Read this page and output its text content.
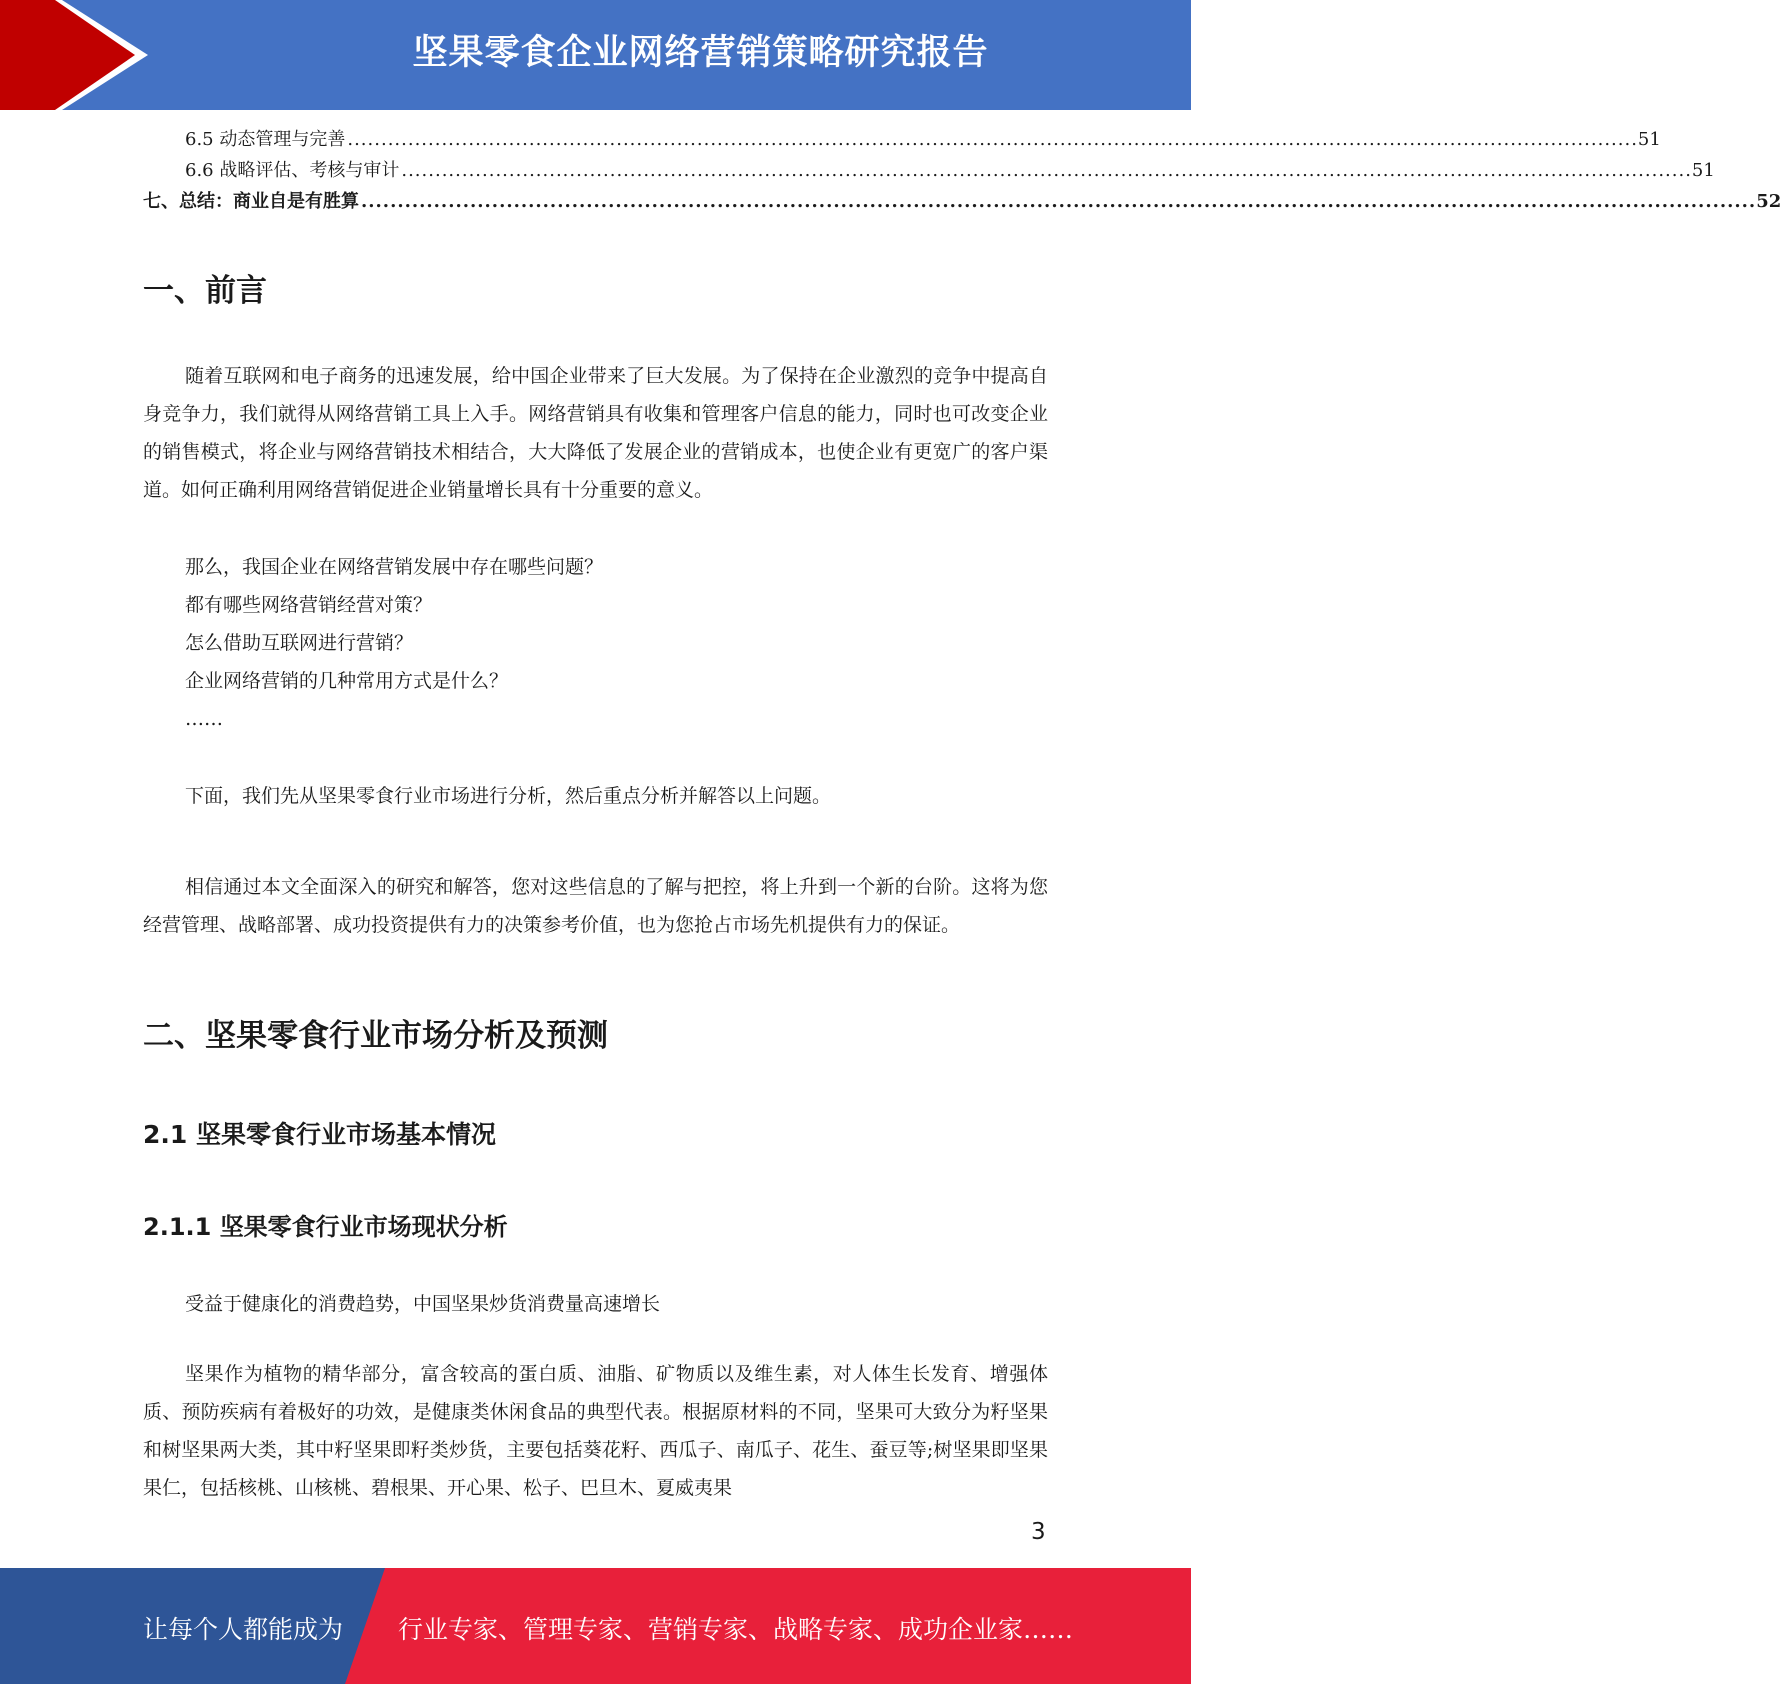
坚果零食企业网络营销策略研究报告
6.5 动态管理与完善 ................................................................................................................................................................................................ 51
6.6 战略评估、考核与审计 ................................................................................................................................................................................................ 51
七、总结：商业自是有胜算 ................................................................................................................................................................................................ 52
一、前言

随着互联网和电子商务的迅速发展，给中国企业带来了巨大发展。为了保持在企业激烈的竞争中提高自身竞争力，我们就得从网络营销工具上入手。网络营销具有收集和管理客户信息的能力，同时也可改变企业的销售模式，将企业与网络营销技术相结合，大大降低了发展企业的营销成本，也使企业有更宽广的客户渠道。如何正确利用网络营销促进企业销量增长具有十分重要的意义。

那么，我国企业在网络营销发展中存在哪些问题？
都有哪些网络营销经营对策？
怎么借助互联网进行营销？
企业网络营销的几种常用方式是什么？
……

下面，我们先从坚果零食行业市场进行分析，然后重点分析并解答以上问题。

相信通过本文全面深入的研究和解答，您对这些信息的了解与把控，将上升到一个新的台阶。这将为您经营管理、战略部署、成功投资提供有力的决策参考价值，也为您抢占市场先机提供有力的保证。

二、坚果零食行业市场分析及预测
2.1 坚果零食行业市场基本情况
2.1.1 坚果零食行业市场现状分析

受益于健康化的消费趋势，中国坚果炒货消费量高速增长

坚果作为植物的精华部分，富含较高的蛋白质、油脂、矿物质以及维生素，对人体生长发育、增强体质、预防疾病有着极好的功效，是健康类休闲食品的典型代表。根据原材料的不同，坚果可大致分为籽坚果和树坚果两大类，其中籽坚果即籽类炒货，主要包括葵花籽、西瓜子、南瓜子、花生、蚕豆等;树坚果即坚果果仁，包括核桃、山核桃、碧根果、开心果、松子、巴旦木、夏威夷果

3
让每个人都能成为 行业专家、管理专家、营销专家、战略专家、成功企业家……
